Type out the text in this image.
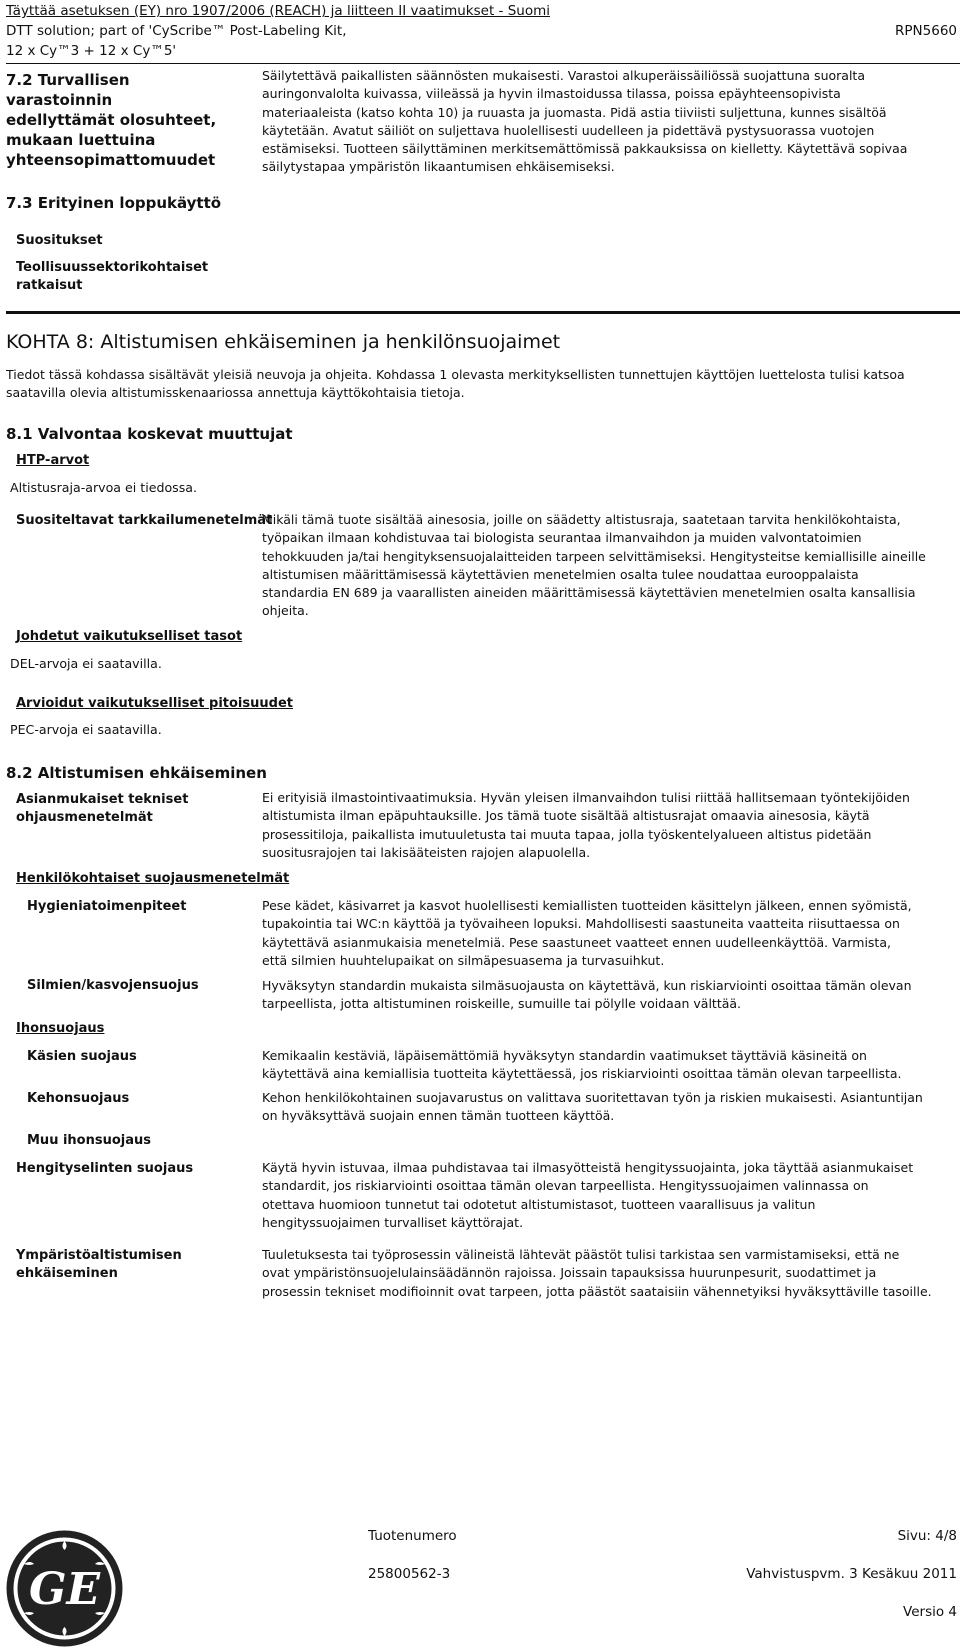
Täyttää asetuksen (EY) nro 1907/2006 (REACH) ja liitteen II vaatimukset - Suomi
DTT solution; part of 'CyScribe™ Post-Labeling Kit,
12 x Cy™3 + 12 x Cy™5'
RPN5660
7.2 Turvallisen varastoinnin
edellyttämät olosuhteet,
mukaan luettuina
yhteensopimattomuudet
Säilytettävä paikallisten säännösten mukaisesti. Varastoi alkuperäissäiliössä suojattuna suoralta
auringonvalolta kuivassa, viileässä ja hyvin ilmastoidussa tilassa, poissa epäyhteensopivista
materiaaleista (katso kohta 10) ja ruuasta ja juomasta. Pidä astia tiiviisti suljettuna, kunnes sisältöä
käytetään. Avatut säiliöt on suljettava huolellisesti uudelleen ja pidettävä pystysuorassa vuotojen
estämiseksi. Tuotteen säilyttäminen merkitsemättömissä pakkauksissa on kielletty. Käytettävä sopivaa
säilytystapaa ympäristön likaantumisen ehkäisemiseksi.
7.3 Erityinen loppukäyttö
Suositukset
Teollisuussektorikohtaiset
ratkaisut
KOHTA 8: Altistumisen ehkäiseminen ja henkilönsuojaimet
Tiedot tässä kohdassa sisältävät yleisiä neuvoja ja ohjeita. Kohdassa 1 olevasta merkityksellisten tunnettujen käyttöjen luettelosta tulisi katsoa
saatavilla olevia altistumisskenaariossa annettuja käyttökohtaisia tietoja.
8.1 Valvontaa koskevat muuttujat
HTP-arvot
Altistusraja-arvoa ei tiedossa.
Suositeltavat tarkkailumenetelmät
Mikäli tämä tuote sisältää ainesosia, joille on säädetty altistusraja, saatetaan tarvita henkilökohtaista,
työpaikan ilmaan kohdistuvaa tai biologista seurantaa ilmanvaihdon ja muiden valvontatoimien
tehokkuuden ja/tai hengityksensuojalaitteiden tarpeen selvittämiseksi. Hengitysteitse kemiallisille aineille
altistumisen määrittämisessä käytettävien menetelmien osalta tulee noudattaa eurooppalaista
standardia EN 689 ja vaarallisten aineiden määrittämisessä käytettävien menetelmien osalta kansallisia
ohjeita.
Johdetut vaikutukselliset tasot
DEL-arvoja ei saatavilla.
Arvioidut vaikutukselliset pitoisuudet
PEC-arvoja ei saatavilla.
8.2 Altistumisen ehkäiseminen
Asianmukaiset tekniset
ohjausmenetelmät
Ei erityisiä ilmastointivaatimuksia. Hyvän yleisen ilmanvaihdon tulisi riittää hallitsemaan työntekijöiden
altistumista ilman epäpuhtauksille. Jos tämä tuote sisältää altistusrajat omaavia ainesosia, käytä
prosessitiloja, paikallista imutuuletusta tai muuta tapaa, jolla työskentelyalueen altistus pidetään
suositusrajojen tai lakisääteisten rajojen alapuolella.
Henkilökohtaiset suojausmenetelmät
Hygieniatoimenpiteet	Pese kädet, käsivarret ja kasvot huolellisesti kemiallisten tuotteiden käsittelyn jälkeen, ennen syömistä,
tupakointia tai WC:n käyttöä ja työvaiheen lopuksi. Mahdollisesti saastuneita vaatteita riisuttaessa on
käytettävä asianmukaisia menetelmiä. Pese saastuneet vaatteet ennen uudelleenkäyttöä. Varmista,
että silmien huuhtelupaikat on silmäpesuasema ja turvasuihkut.
Silmien/kasvojensuojus	Hyväksytyn standardin mukaista silmäsuojausta on käytettävä, kun riskiarviointi osoittaa tämän olevan
tarpeellista, jotta altistuminen roiskeille, sumuille tai pölylle voidaan välttää.
Ihonsuojaus
Käsien suojaus	Kemikaalin kestäviä, läpäisemättömiä hyväksytyn standardin vaatimukset täyttäviä käsineitä on
käytettävä aina kemiallisia tuotteita käytettäessä, jos riskiarviointi osoittaa tämän olevan tarpeellista.
Kehonsuojaus	Kehon henkilökohtainen suojavarustus on valittava suoritettavan työn ja riskien mukaisesti. Asiantuntijan
on hyväksyttävä suojain ennen tämän tuotteen käyttöä.
Muu ihonsuojaus
Hengityselinten suojaus	Käytä hyvin istuvaa, ilmaa puhdistavaa tai ilmasyötteistä hengityssuojainta, joka täyttää asianmukaiset
standardit, jos riskiarviointi osoittaa tämän olevan tarpeellista. Hengityssuojaimen valinnassa on
otettava huomioon tunnetut tai odotetut altistumistasot, tuotteen vaarallisuus ja valitun
hengityssuojaimen turvalliset käyttörajat.
Ympäristöaltistumisen
ehkäiseminen
Tuuletuksesta tai työprosessin välineistä lähtevät päästöt tulisi tarkistaa sen varmistamiseksi, että ne
ovat ympäristönsuojelulainsäädännön rajoissa. Joissain tapauksissa huurunpesurit, suodattimet ja
prosessin tekniset modifioinnit ovat tarpeen, jotta päästöt saataisiin vähennetyiksi hyväksyttäville tasoille.
GE
Tuotenumero
25800562-3
Sivu: 4/8
Vahvistuspvm. 3 Kesäkuu 2011
Versio 4
